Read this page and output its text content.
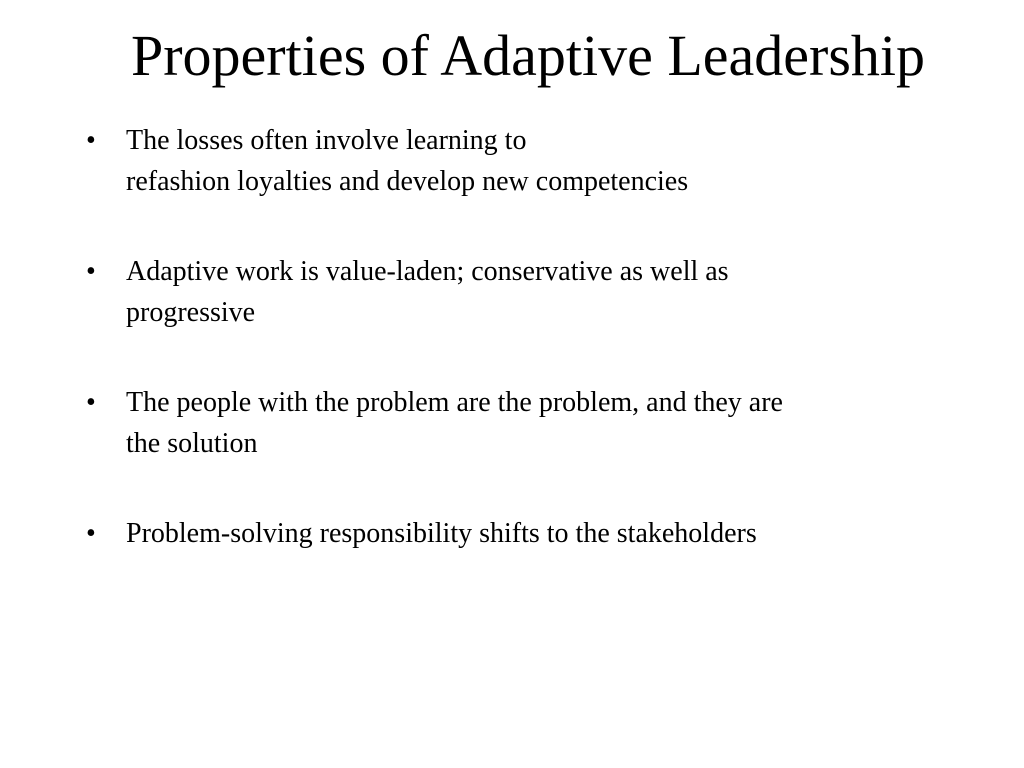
Properties of Adaptive Leadership
•	The losses often involve learning to
refashion loyalties and develop new competencies
•	Adaptive work is value-laden; conservative as well as
progressive
•	The people with the problem are the problem, and they are
the solution
•	Problem-solving responsibility shifts to the stakeholders
